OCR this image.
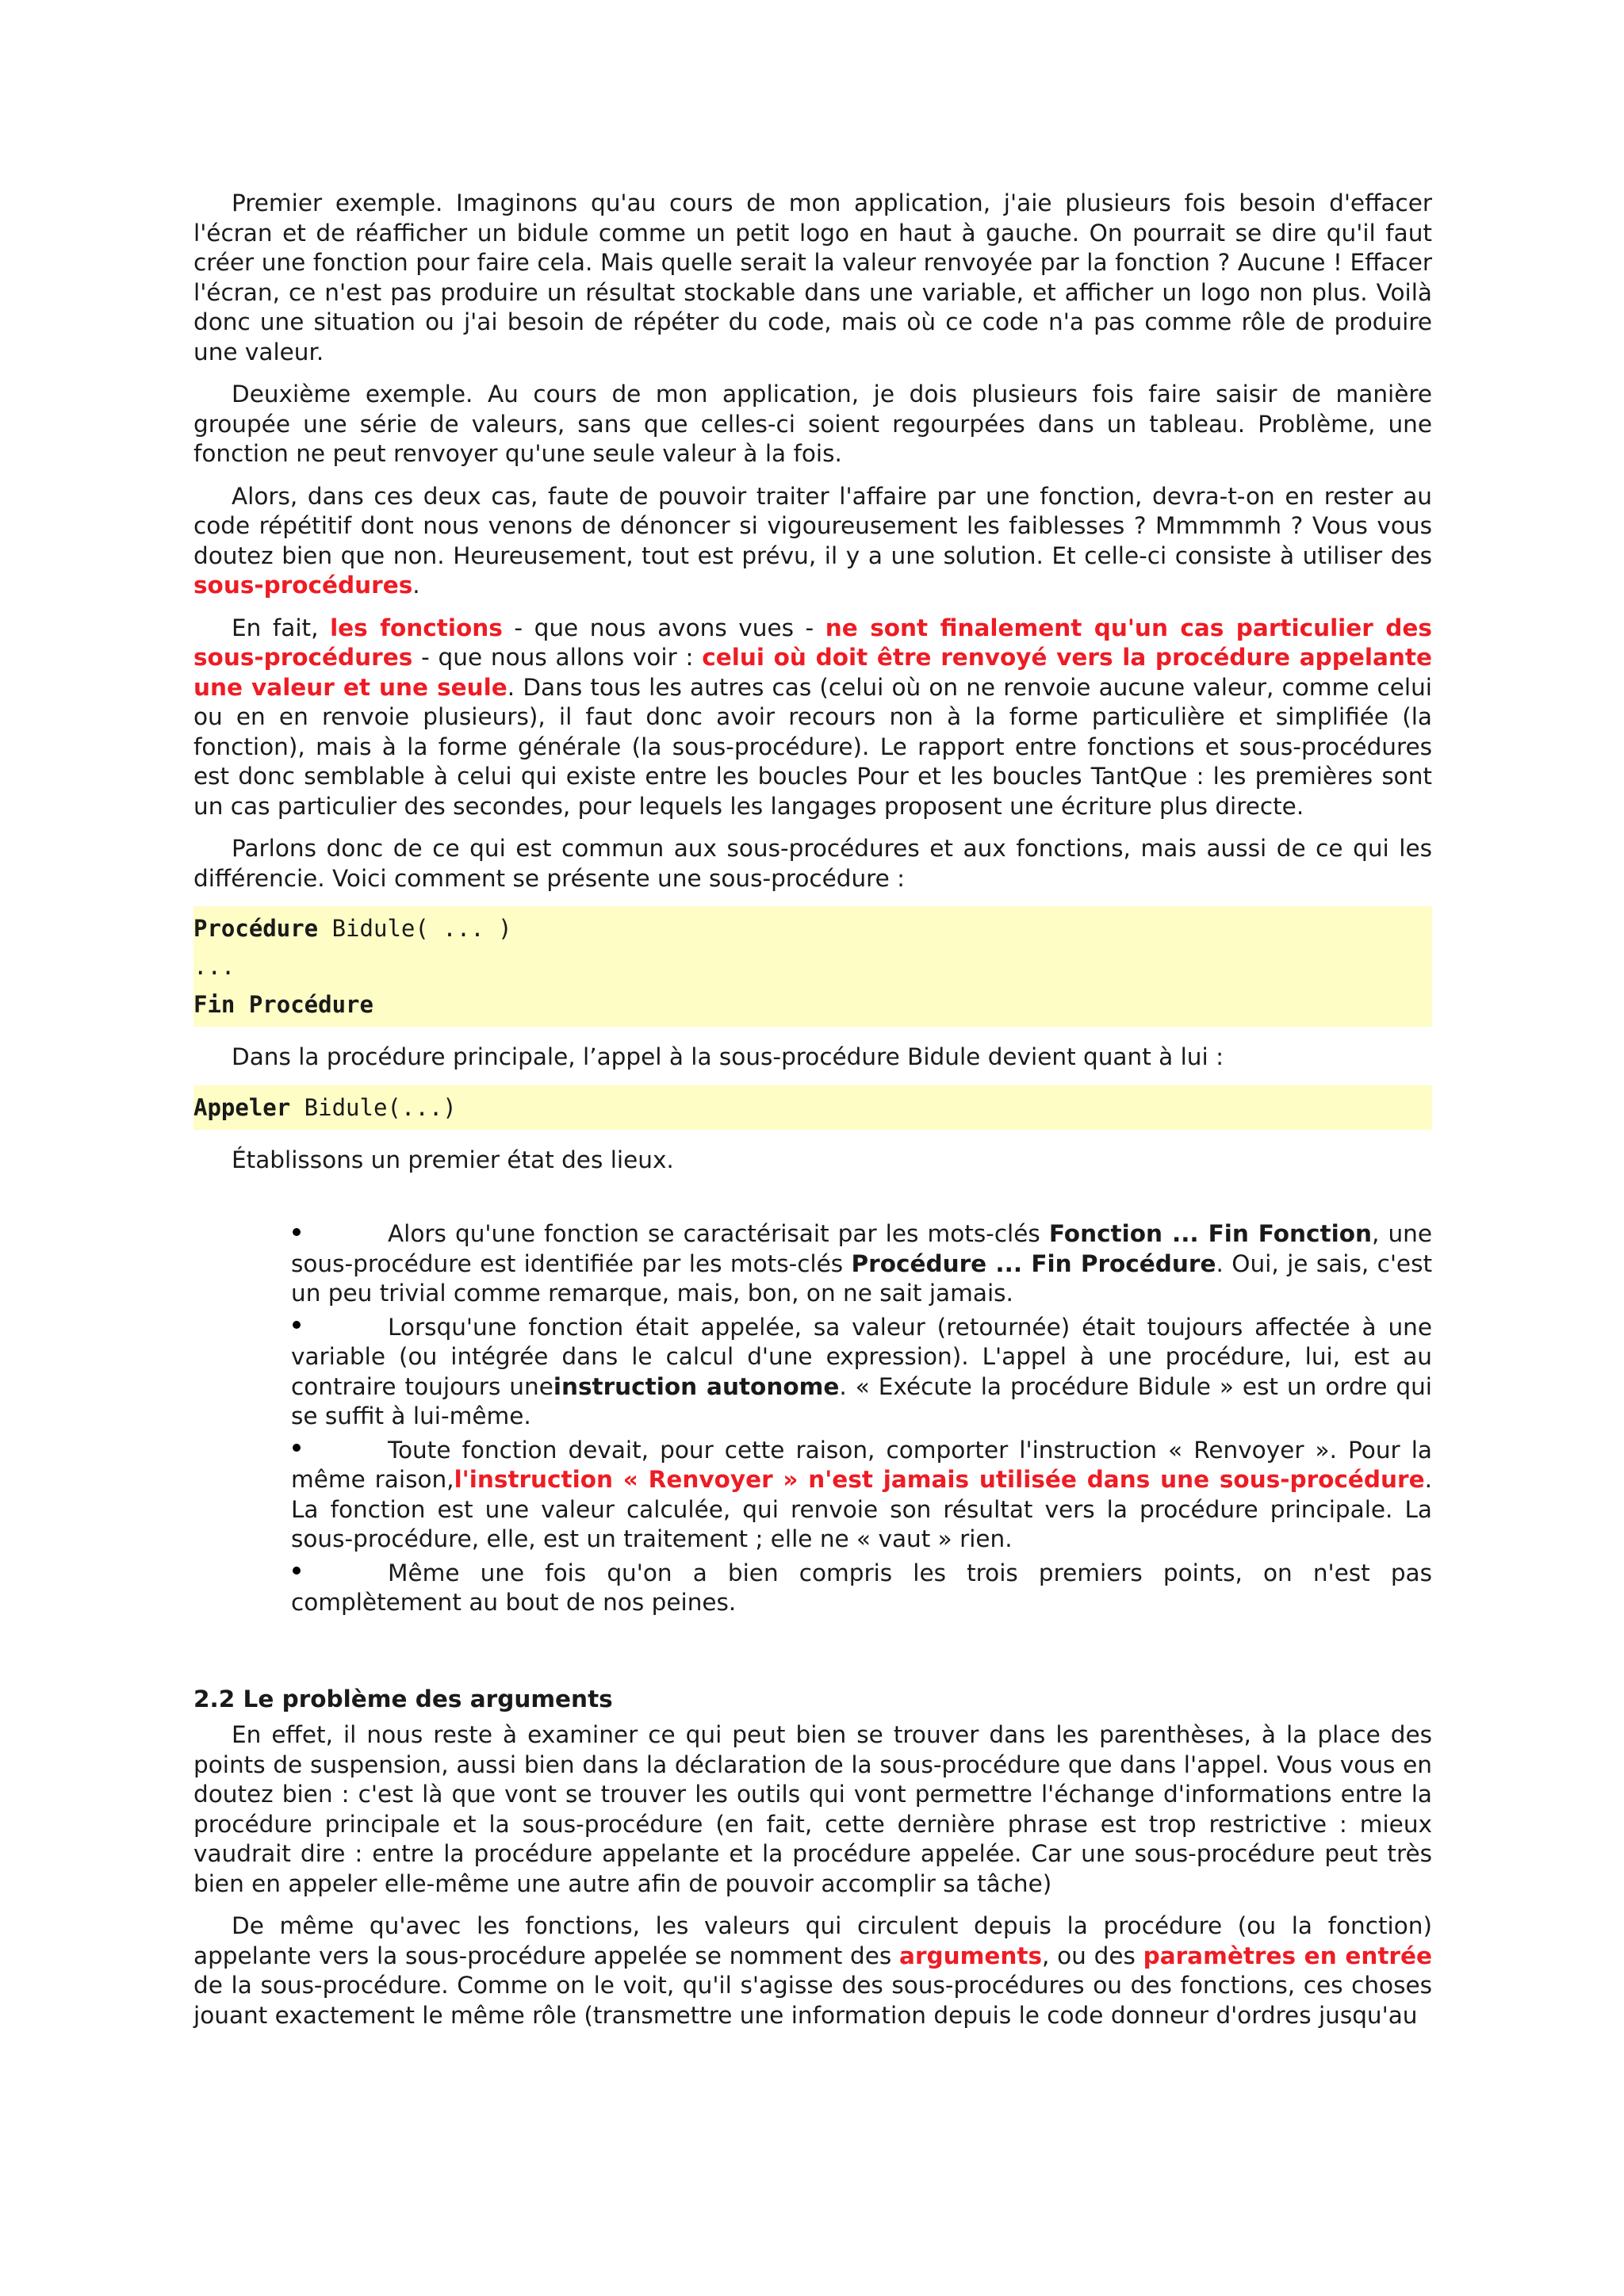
Premier exemple. Imaginons qu'au cours de mon application, j'aie plusieurs fois besoin d'effacer l'écran et de réafficher un bidule comme un petit logo en haut à gauche. On pourrait se dire qu'il faut créer une fonction pour faire cela. Mais quelle serait la valeur renvoyée par la fonction ? Aucune ! Effacer l'écran, ce n'est pas produire un résultat stockable dans une variable, et afficher un logo non plus. Voilà donc une situation ou j'ai besoin de répéter du code, mais où ce code n'a pas comme rôle de produire une valeur.

Deuxième exemple. Au cours de mon application, je dois plusieurs fois faire saisir de manière groupée une série de valeurs, sans que celles-ci soient regourpées dans un tableau. Problème, une fonction ne peut renvoyer qu'une seule valeur à la fois.

Alors, dans ces deux cas, faute de pouvoir traiter l'affaire par une fonction, devra-t-on en rester au code répétitif dont nous venons de dénoncer si vigoureusement les faiblesses ? Mmmmmh ? Vous vous doutez bien que non. Heureusement, tout est prévu, il y a une solution. Et celle-ci consiste à utiliser des sous-procédures.

En fait, les fonctions - que nous avons vues - ne sont finalement qu'un cas particulier des sous-procédures - que nous allons voir : celui où doit être renvoyé vers la procédure appelante une valeur et une seule. Dans tous les autres cas (celui où on ne renvoie aucune valeur, comme celui ou en en renvoie plusieurs), il faut donc avoir recours non à la forme particulière et simplifiée (la fonction), mais à la forme générale (la sous-procédure). Le rapport entre fonctions et sous-procédures est donc semblable à celui qui existe entre les boucles Pour et les boucles TantQue : les premières sont un cas particulier des secondes, pour lequels les langages proposent une écriture plus directe.

Parlons donc de ce qui est commun aux sous-procédures et aux fonctions, mais aussi de ce qui les différencie. Voici comment se présente une sous-procédure :

Procédure Bidule( ... )
...
Fin Procédure

Dans la procédure principale, l’appel à la sous-procédure Bidule devient quant à lui :

Appeler Bidule(...)

Établissons un premier état des lieux.

Alors qu'une fonction se caractérisait par les mots-clés Fonction ... Fin Fonction, une sous-procédure est identifiée par les mots-clés Procédure ... Fin Procédure. Oui, je sais, c'est un peu trivial comme remarque, mais, bon, on ne sait jamais.
Lorsqu'une fonction était appelée, sa valeur (retournée) était toujours affectée à une variable (ou intégrée dans le calcul d'une expression). L'appel à une procédure, lui, est au contraire toujours uneinstruction autonome. « Exécute la procédure Bidule » est un ordre qui se suffit à lui-même.
Toute fonction devait, pour cette raison, comporter l'instruction « Renvoyer ». Pour la même raison,l'instruction « Renvoyer » n'est jamais utilisée dans une sous-procédure. La fonction est une valeur calculée, qui renvoie son résultat vers la procédure principale. La sous-procédure, elle, est un traitement ; elle ne « vaut » rien.
Même une fois qu'on a bien compris les trois premiers points, on n'est pas complètement au bout de nos peines.
2.2 Le problème des arguments

En effet, il nous reste à examiner ce qui peut bien se trouver dans les parenthèses, à la place des points de suspension, aussi bien dans la déclaration de la sous-procédure que dans l'appel. Vous vous en doutez bien : c'est là que vont se trouver les outils qui vont permettre l'échange d'informations entre la procédure principale et la sous-procédure (en fait, cette dernière phrase est trop restrictive : mieux vaudrait dire : entre la procédure appelante et la procédure appelée. Car une sous-procédure peut très bien en appeler elle-même une autre afin de pouvoir accomplir sa tâche)

De même qu'avec les fonctions, les valeurs qui circulent depuis la procédure (ou la fonction) appelante vers la sous-procédure appelée se nomment des arguments, ou des paramètres en entrée de la sous-procédure. Comme on le voit, qu'il s'agisse des sous-procédures ou des fonctions, ces choses jouant exactement le même rôle (transmettre une information depuis le code donneur d'ordres jusqu'au
